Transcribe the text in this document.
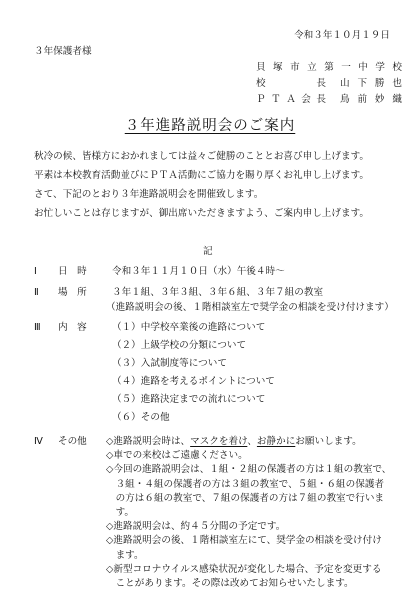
令和３年１０月１９日
３年保護者様
貝塚市立第一中学校
校　長 山下勝也
ＰＴＡ会長 鳥前妙織
３年進路説明会のご案内
秋冷の候、皆様方におかれましては益々ご健勝のこととお喜び申し上げます。
平素は本校教育活動並びにＰＴＡ活動にご協力を賜り厚くお礼申し上げます。
さて、下記のとおり３年進路説明会を開催致します。
お忙しいことは存じますが、御出席いただきますよう、ご案内申し上げます。
記
Ⅰ 日　時	令和３年１１月１０日（水）午後４時～
Ⅱ 場　所	３年１組、３年３組、３年６組、３年７組の教室
（進路説明会の後、１階相談室左で奨学金の相談を受け付けます）
Ⅲ 内　容	（１）中学校卒業後の進路について
（２）上級学校の分類について
（３）入試制度等について
（４）進路を考えるポイントについて
（５）進路決定までの流れについて
（６）その他
Ⅳ その他 ◇進路説明会時は、マスクを着け、お静かにお願いします。
◇車での来校はご遠慮ください。
◇今回の進路説明会は、１組・２組の保護者の方は１組の教室で、
　３組・４組の保護者の方は３組の教室で、５組・６組の保護者
　の方は６組の教室で、７組の保護者の方は７組の教室で行いま
　す。
◇進路説明会は、約４５分間の予定です。
◇進路説明会の後、１階相談室左にて、奨学金の相談を受け付け
　ます。
◇新型コロナウイルス感染状況が変化した場合、予定を変更する
　ことがあります。その際は改めてお知らせいたします。
